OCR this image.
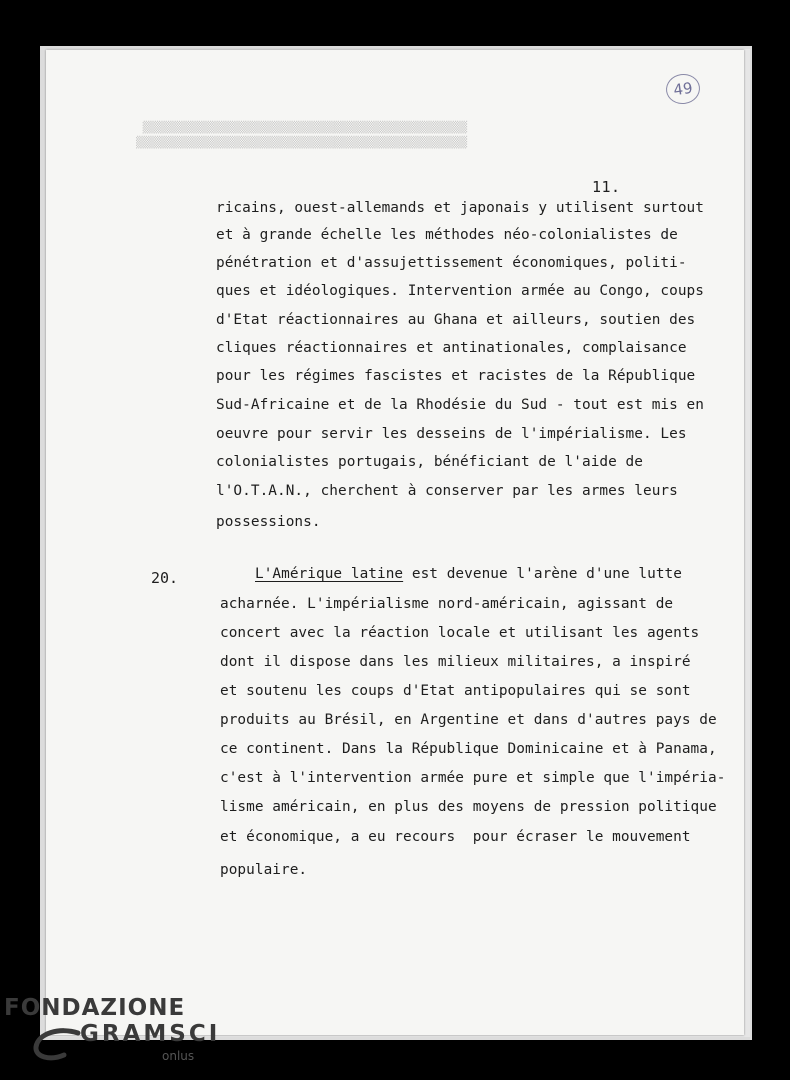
▒▒▒▒▒▒▒▒▒▒▒▒▒▒▒▒▒▒▒▒▒▒▒▒▒▒▒▒▒▒▒▒▒▒▒▒▒▒▒▒▒▒▒▒▒▒▒▒▒
▒▒▒▒▒▒▒▒▒▒▒▒▒▒▒▒▒▒▒▒▒▒▒▒▒▒▒▒▒▒▒▒▒▒▒▒▒▒▒▒▒▒▒▒▒▒▒▒▒▒
49
11.
ricains, ouest-allemands et japonais y utilisent surtout
et à grande échelle les méthodes néo-colonialistes de
pénétration et d'assujettissement économiques, politi-
ques et idéologiques. Intervention armée au Congo, coups
d'Etat réactionnaires au Ghana et ailleurs, soutien des
cliques réactionnaires et antinationales, complaisance
pour les régimes fascistes et racistes de la République
Sud-Africaine et de la Rhodésie du Sud - tout est mis en
oeuvre pour servir les desseins de l'impérialisme. Les
colonialistes portugais, bénéficiant de l'aide de
l'O.T.A.N., cherchent à conserver par les armes leurs
possessions.
20.	L'Amérique latine est devenue l'arène d'une lutte
acharnée. L'impérialisme nord-américain, agissant de
concert avec la réaction locale et utilisant les agents
dont il dispose dans les milieux militaires, a inspiré
et soutenu les coups d'Etat antipopulaires qui se sont
produits au Brésil, en Argentine et dans d'autres pays de
ce continent. Dans la République Dominicaine et à Panama,
c'est à l'intervention armée pure et simple que l'impéria-
lisme américain, en plus des moyens de pression politique
et économique, a eu recours  pour écraser le mouvement
populaire.
FONDAZIONE
GRAMSCI
onlus
